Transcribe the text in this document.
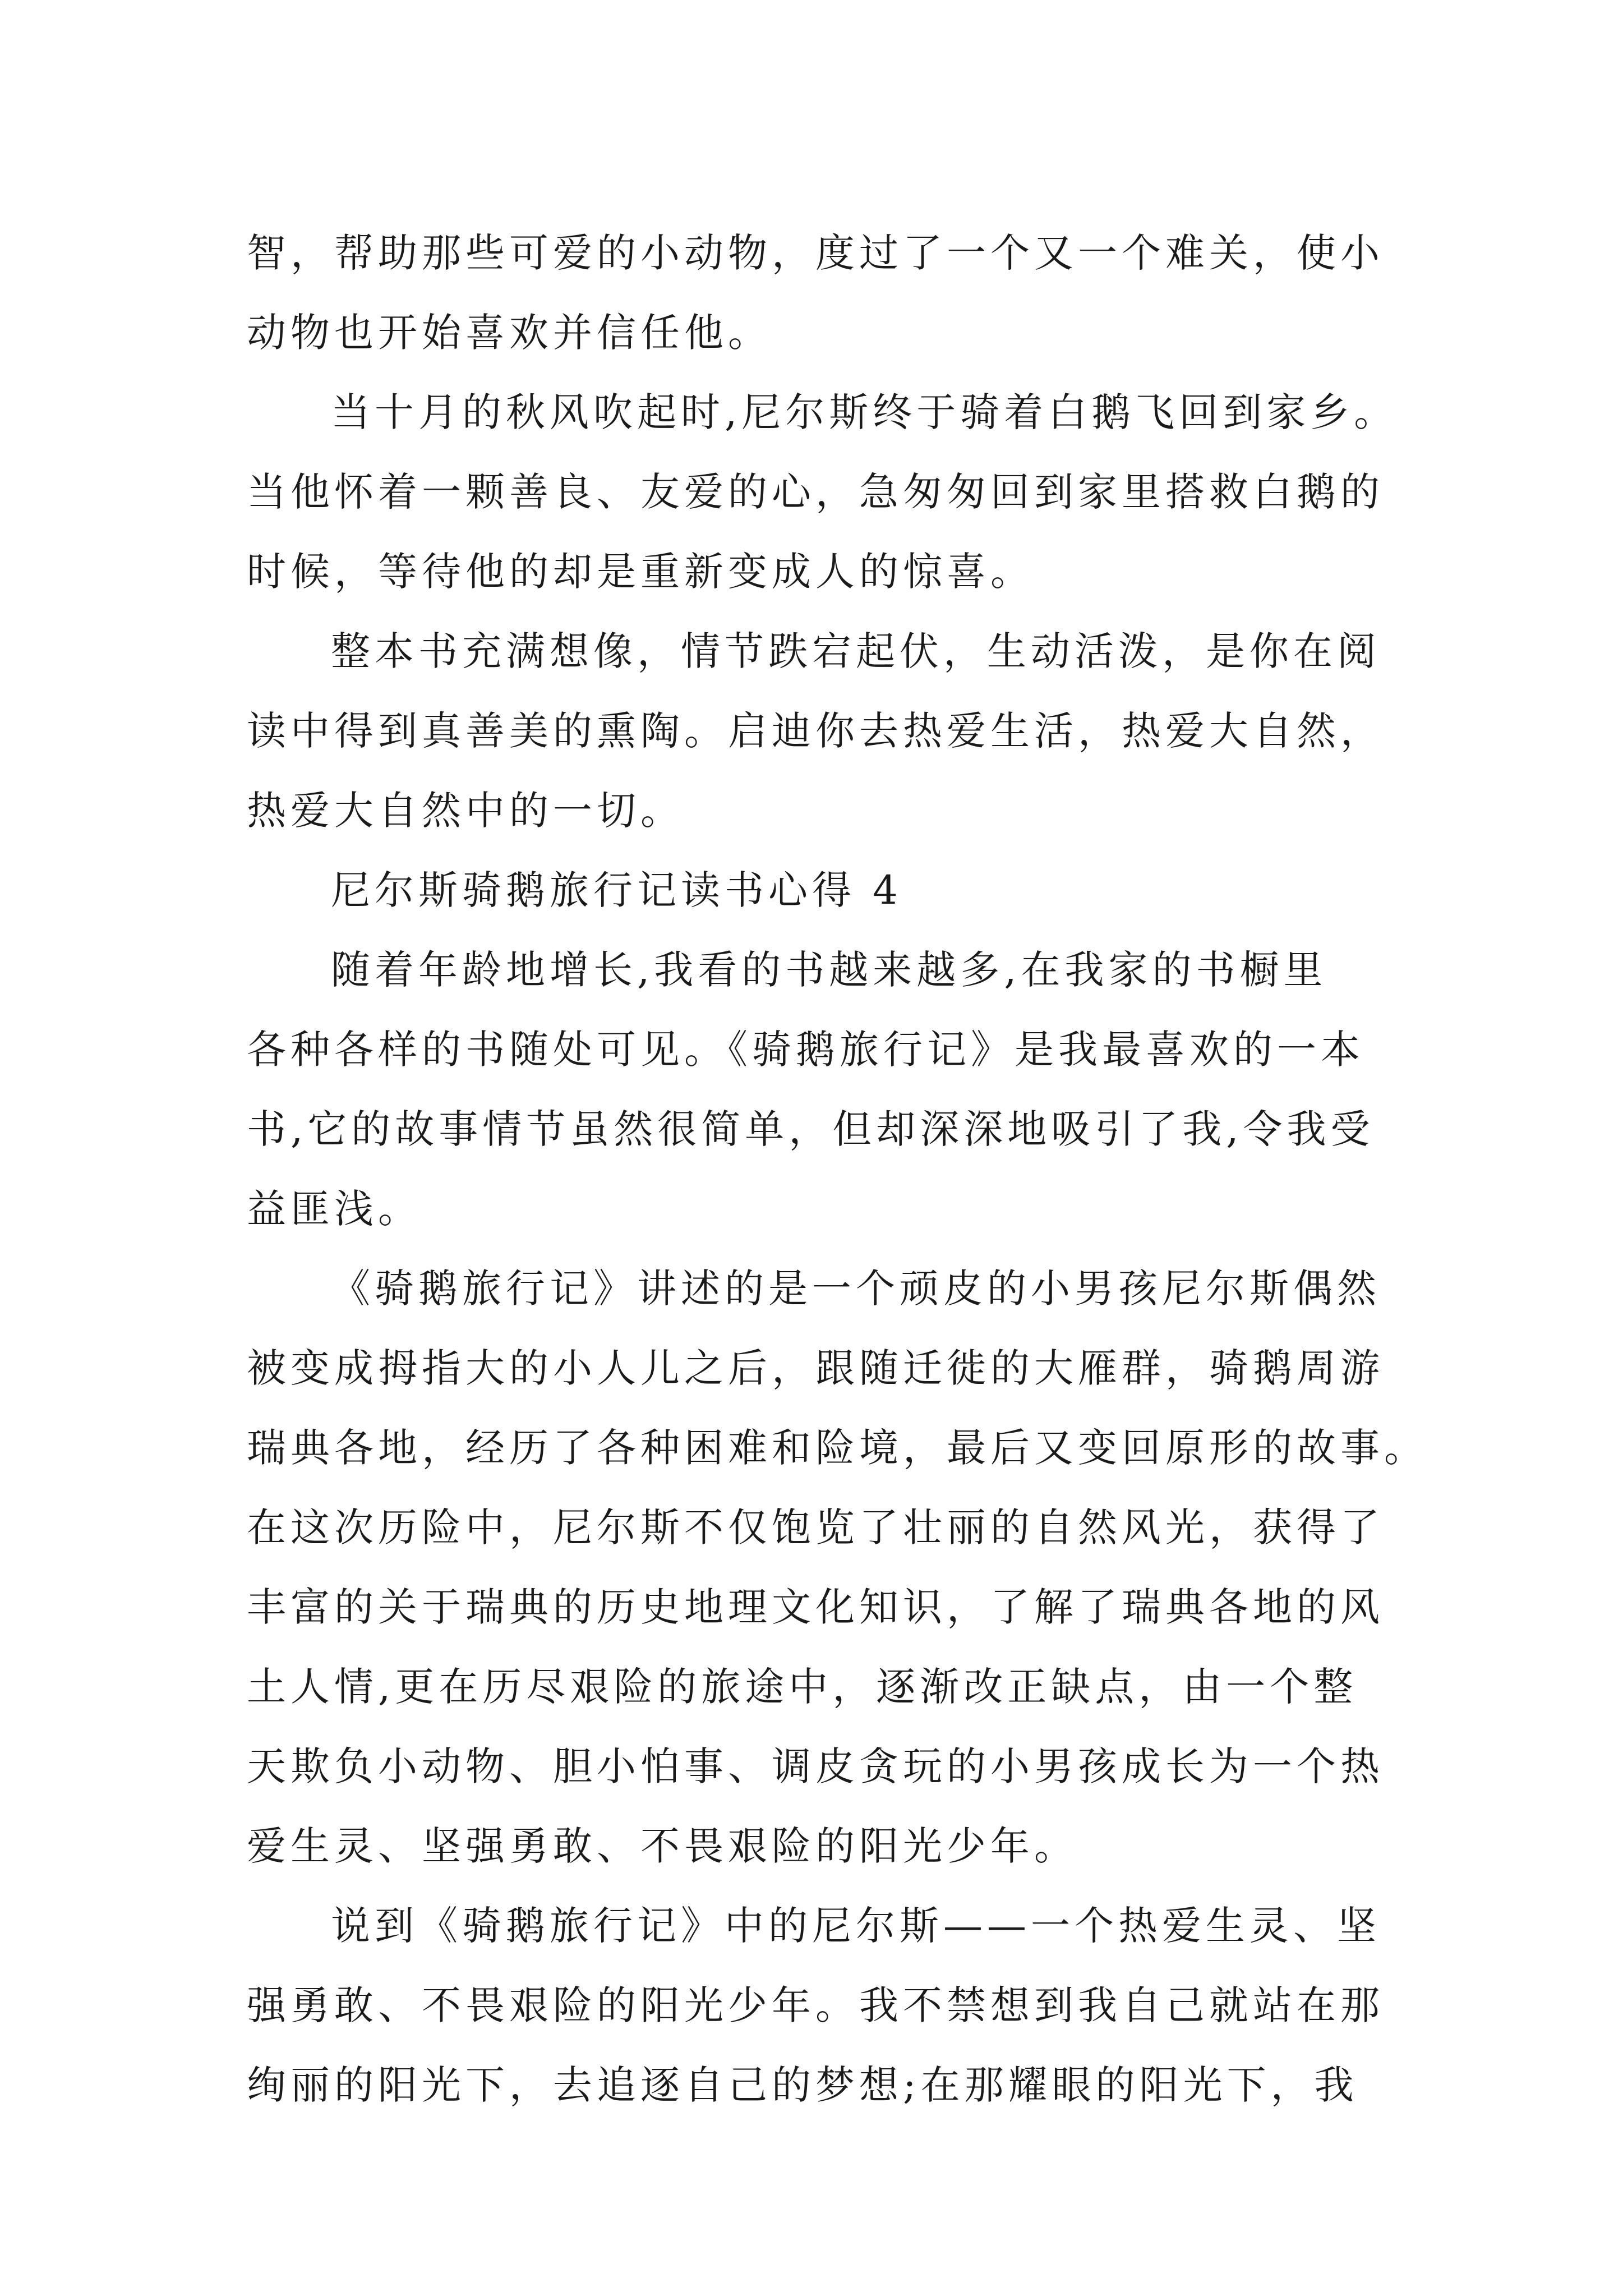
智，帮助那些可爱的小动物，度过了一个又一个难关，使小
动物也开始喜欢并信任他。

当十月的秋风吹起时,尼尔斯终于骑着白鹅飞回到家乡。
当他怀着一颗善良、友爱的心，急匆匆回到家里搭救白鹅的
时候，等待他的却是重新变成人的惊喜。

整本书充满想像，情节跌宕起伏，生动活泼，是你在阅
读中得到真善美的熏陶。启迪你去热爱生活，热爱大自然，
热爱大自然中的一切。

尼尔斯骑鹅旅行记读书心得 4

随着年龄地增长,我看的书越来越多,在我家的书橱里
各种各样的书随处可见。《骑鹅旅行记》是我最喜欢的一本
书,它的故事情节虽然很简单，但却深深地吸引了我,令我受
益匪浅。

《骑鹅旅行记》讲述的是一个顽皮的小男孩尼尔斯偶然
被变成拇指大的小人儿之后，跟随迁徙的大雁群，骑鹅周游
瑞典各地，经历了各种困难和险境，最后又变回原形的故事。
在这次历险中，尼尔斯不仅饱览了壮丽的自然风光，获得了
丰富的关于瑞典的历史地理文化知识，了解了瑞典各地的风
土人情,更在历尽艰险的旅途中，逐渐改正缺点，由一个整
天欺负小动物、胆小怕事、调皮贪玩的小男孩成长为一个热
爱生灵、坚强勇敢、不畏艰险的阳光少年。

说到《骑鹅旅行记》中的尼尔斯——一个热爱生灵、坚
强勇敢、不畏艰险的阳光少年。我不禁想到我自己就站在那
绚丽的阳光下，去追逐自己的梦想;在那耀眼的阳光下，我
